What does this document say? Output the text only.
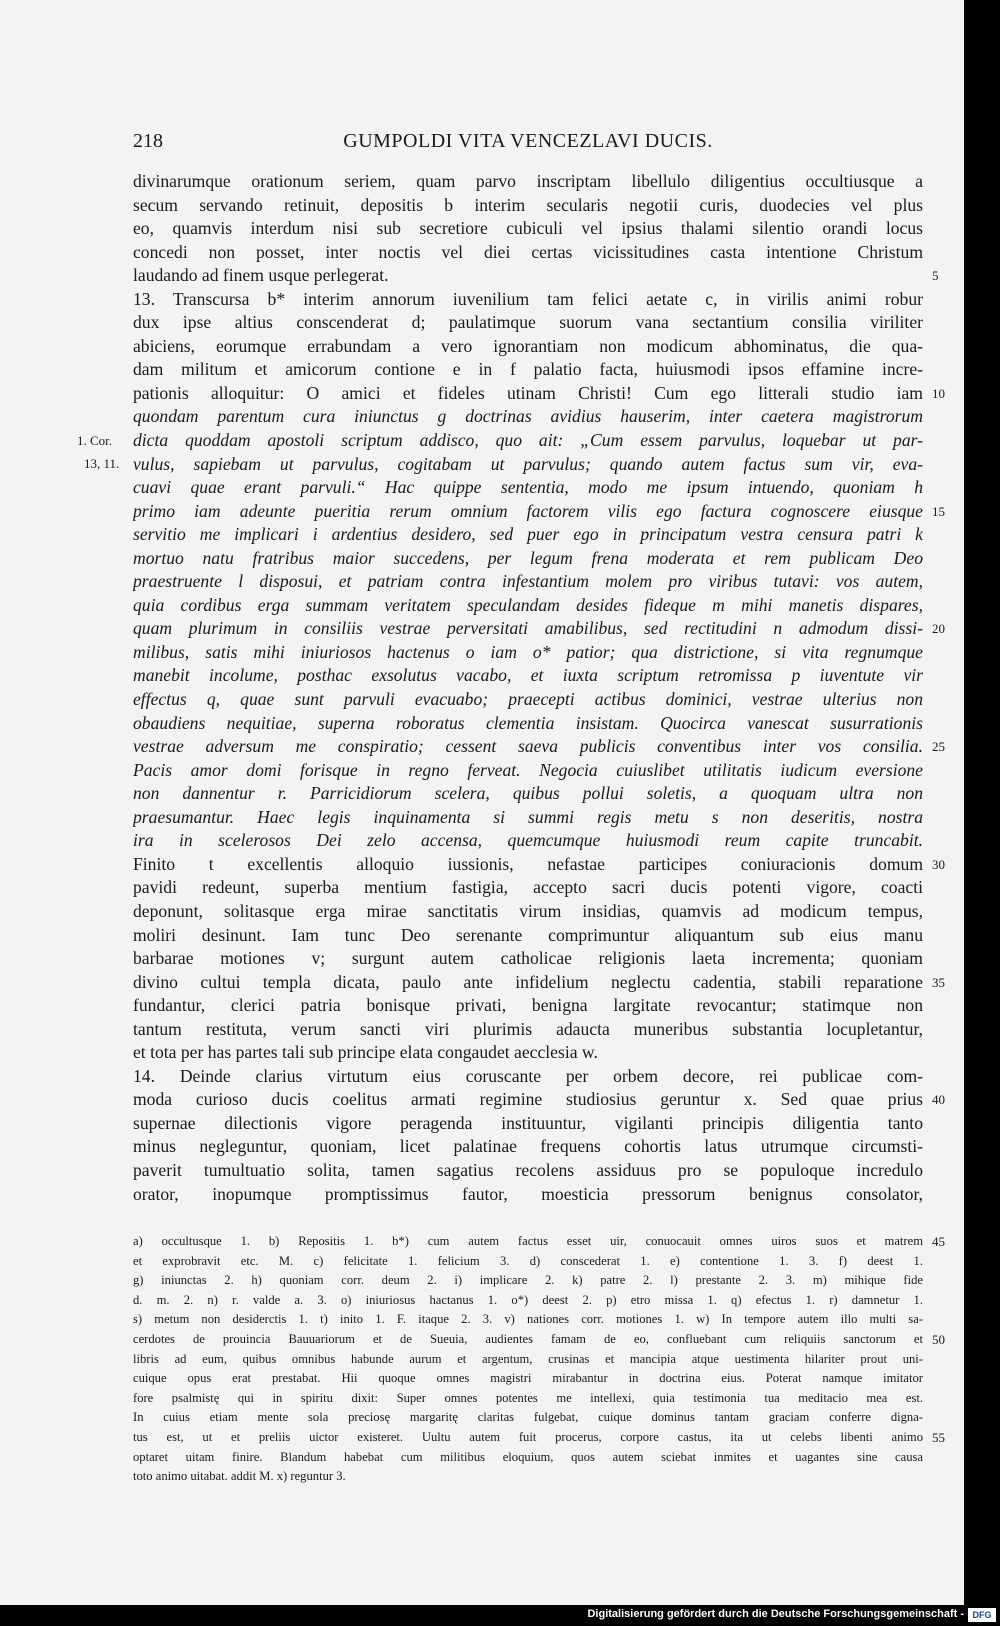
218	GUMPOLDI VITA VENCEZLAVI DUCIS.
divinarumque orationum seriem, quam parvo inscriptam libellulo diligentius occultiusque a
secum servando retinuit, depositis b interim secularis negotii curis, duodecies vel plus
eo, quamvis interdum nisi sub secretiore cubiculi vel ipsius thalami silentio orandi locus
concedi non posset, inter noctis vel diei certas vicissitudines casta intentione Christum
laudando ad finem usque perlegerat.
13. Transcursa b* interim annorum iuvenilium tam felici aetate c, in virilis animi robur
dux ipse altius conscenderat d; paulatimque suorum vana sectantium consilia viriliter
abiciens, eorumque errabundam a vero ignorantiam non modicum abhominatus, die qua-
dam militum et amicorum contione e in f palatio facta, huiusmodi ipsos effamine incre-
pationis alloquitur: O amici et fideles utinam Christi! Cum ego litterali studio iam
quondam parentum cura iniunctus g doctrinas avidius hauserim, inter caetera magistrorum
dicta quoddam apostoli scriptum addisco, quo ait: „Cum essem parvulus, loquebar ut par-
vulus, sapiebam ut parvulus, cogitabam ut parvulus; quando autem factus sum vir, eva-
cuavi quae erant parvuli.“ Hac quippe sententia, modo me ipsum intuendo, quoniam h
primo iam adeunte pueritia rerum omnium factorem vilis ego factura cognoscere eiusque
servitio me implicari i ardentius desidero, sed puer ego in principatum vestra censura patri k
mortuo natu fratribus maior succedens, per legum frena moderata et rem publicam Deo
praestruente l disposui, et patriam contra infestantium molem pro viribus tutavi: vos autem,
quia cordibus erga summam veritatem speculandam desides fideque m mihi manetis dispares,
quam plurimum in consiliis vestrae perversitati amabilibus, sed rectitudini n admodum dissi-
milibus, satis mihi iniuriosos hactenus o iam o* patior; qua districtione, si vita regnumque
manebit incolume, posthac exsolutus vacabo, et iuxta scriptum retromissa p iuventute vir
effectus q, quae sunt parvuli evacuabo; praecepti actibus dominici, vestrae ulterius non
obaudiens nequitiae, superna roboratus clementia insistam. Quocirca vanescat susurrationis
vestrae adversum me conspiratio; cessent saeva publicis conventibus inter vos consilia.
Pacis amor domi forisque in regno ferveat. Negocia cuiuslibet utilitatis iudicum eversione
non dannentur r. Parricidiorum scelera, quibus pollui soletis, a quoquam ultra non
praesumantur. Haec legis inquinamenta si summi regis metu s non deseritis, nostra
ira in scelerosos Dei zelo accensa, quemcumque huiusmodi reum capite truncabit.
Finito t excellentis alloquio iussionis, nefastae participes coniuracionis domum
pavidi redeunt, superba mentium fastigia, accepto sacri ducis potenti vigore, coacti
deponunt, solitasque erga mirae sanctitatis virum insidias, quamvis ad modicum tempus,
moliri desinunt. Iam tunc Deo serenante comprimuntur aliquantum sub eius manu
barbarae motiones v; surgunt autem catholicae religionis laeta incrementa; quoniam
divino cultui templa dicata, paulo ante infidelium neglectu cadentia, stabili reparatione
fundantur, clerici patria bonisque privati, benigna largitate revocantur; statimque non
tantum restituta, verum sancti viri plurimis adaucta muneribus substantia locupletantur,
et tota per has partes tali sub principe elata congaudet aecclesia w.
14. Deinde clarius virtutum eius coruscante per orbem decore, rei publicae com-
moda curioso ducis coelitus armati regimine studiosius geruntur x. Sed quae prius
supernae dilectionis vigore peragenda instituuntur, vigilanti principis diligentia tanto
minus negleguntur, quoniam, licet palatinae frequens cohortis latus utrumque circumsti-
paverit tumultuatio solita, tamen sagatius recolens assiduus pro se populoque incredulo
orator, inopumque promptissimus fautor, moesticia pressorum benignus consolator,
1. Cor.
13, 11.
5
10
15
20
25
30
35
40
a) occultusque 1. b) Repositis 1. b*) cum autem factus esset uir, conuocauit omnes uiros suos et matrem
et exprobravit etc. M. c) felicitate 1. felicium 3. d) conscederat 1. e) contentione 1. 3. f) deest 1.
g) iniunctas 2. h) quoniam corr. deum 2. i) implicare 2. k) patre 2. l) prestante 2. 3. m) mihique fide
d. m. 2. n) r. valde a. 3. o) iniuriosus hactanus 1. o*) deest 2. p) etro missa 1. q) efectus 1. r) damnetur 1.
s) metum non desiderctis 1. t) inito 1. F. itaque 2. 3. v) nationes corr. motiones 1. w) In tempore autem illo multi sa-
cerdotes de prouincia Bauuariorum et de Sueuia, audientes famam de eo, confluebant cum reliquiis sanctorum et
libris ad eum, quibus omnibus habunde aurum et argentum, crusinas et mancipia atque uestimenta hilariter prout uni-
cuique opus erat prestabat. Hii quoque omnes magistri mirabantur in doctrina eius. Poterat namque imitator
fore psalmistę qui in spiritu dixit: Super omnes potentes me intellexi, quia testimonia tua meditacio mea est.
In cuius etiam mente sola preciosę margaritę claritas fulgebat, cuique dominus tantam graciam conferre digna-
tus est, ut et preliis uictor existeret. Uultu autem fuit procerus, corpore castus, ita ut celebs libenti animo
optaret uitam finire. Blandum habebat cum militibus eloquium, quos autem sciebat inmites et uagantes sine causa
toto animo uitabat. addit M. x) reguntur 3.
45
50
55
Digitalisierung gefördert durch die Deutsche Forschungsgemeinschaft - DFG
